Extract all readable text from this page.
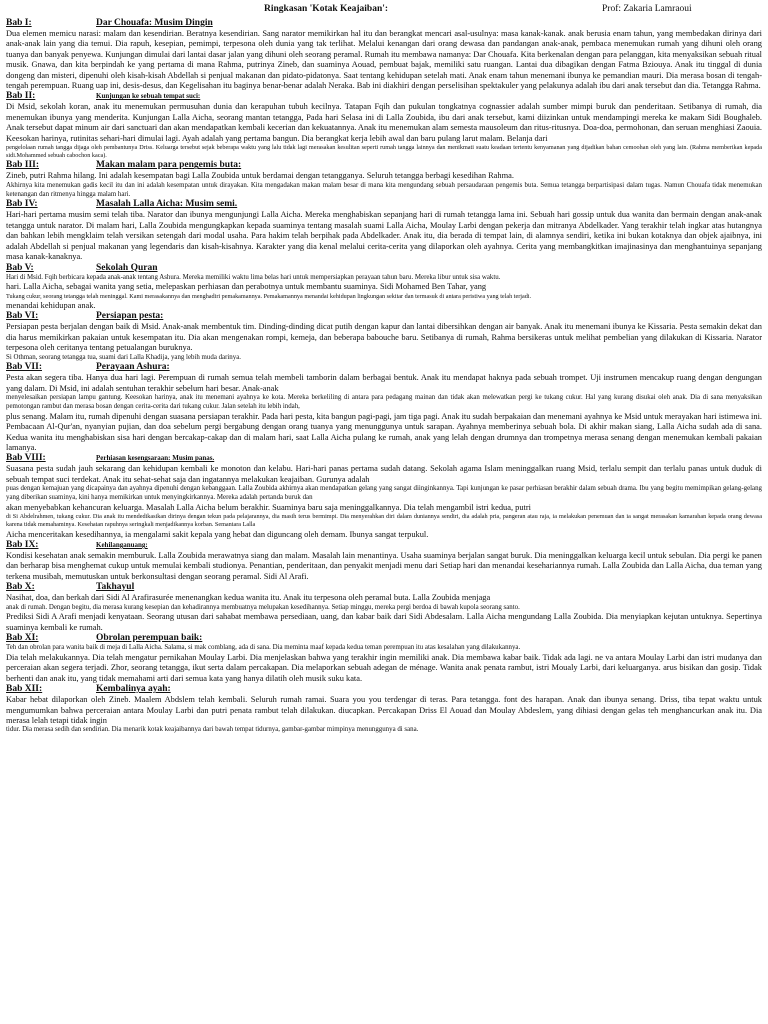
Ringkasan 'Kotak Keajaiban':	Prof: Zakaria Lamraoui
Bab I:	Dar Chouafa: Musim Dingin

Dua elemen memicu narasi: malam dan kesendirian. Beratnya kesendirian. Sang narator memikirkan hal itu dan berangkat mencari asal-usulnya: masa kanak-kanak. anak berusia enam tahun, yang membedakan dirinya dari anak-anak lain yang dia temui. Dia rapuh, kesepian, pemimpi, terpesona oleh dunia yang tak terlihat. Melalui kenangan dari orang dewasa dan pandangan anak-anak, pembaca menemukan rumah yang dihuni oleh orang tuanya dan banyak penyewa. Kunjungan dimulai dari lantai dasar jalan yang dihuni oleh seorang peramal. Rumah itu membawa namanya: Dar Chouafa. Kita berkenalan dengan para pelanggan, kita menyaksikan sebuah ritual musik. Gnawa, dan kita berpindah ke yang pertama di mana Rahma, putrinya Zineb, dan suaminya Aouad, pembuat bajak, memiliki satu ruangan. Lantai dua dibagikan dengan Fatma Bziouya. Anak itu tinggal di dunia dongeng dan misteri, dipenuhi oleh kisah-kisah Abdellah si penjual makanan dan pidato-pidatonya. Saat tentang kehidupan setelah mati. Anak enam tahun menemani ibunya ke pemandian mauri. Dia merasa bosan di tengah-tengah perempuan. Ruang uap ini, desis-desus, dan Kegelisahan itu baginya benar-benar adalah Neraka. Bab ini diakhiri dengan perselisihan spektakuler yang pelakunya adalah ibu dari anak tersebut dan dia. Tetangga Rahma.

Bab II:	Kunjungan ke sebuah tempat suci:

Di Msid, sekolah koran, anak itu menemukan permusuhan dunia dan kerapuhan tubuh kecilnya. Tatapan Fqih dan pukulan tongkatnya cognassier adalah sumber mimpi buruk dan penderitaan. Setibanya di rumah, dia menemukan ibunya yang menderita. Kunjungan Lalla Aicha, seorang mantan tetangga, Pada hari Selasa ini di Lalla Zoubida, ibu dari anak tersebut, kami diizinkan untuk mendampingi mereka ke makam Sidi Boughaleb. Anak tersebut dapat minum air dari sanctuari dan akan mendapatkan kembali kecerian dan kekuatannya. Anak itu menemukan alam semesta mausoleum dan ritus-ritusnya. Doa-doa, permohonan, dan seruan menghiasi Zaouia. Keesokan harinya, rutinitas sehari-hari dimulai lagi. Ayah adalah yang pertama bangun. Dia berangkat kerja lebih awal dan baru pulang larut malam. Belanja dari

pengelolaan rumah tangga dijaga oleh pembantunya Driss. Keluarga tersebut sejak beberapa waktu yang lalu tidak lagi merasakan kesulitan seperti rumah tangga lainnya dan menikmati suatu keadaan tertentu kenyamanan yang dijadikan bahan cemoohan oleh yang lain. (Rahma memberikan kepada sidi.Mohammed sebuah cabochon kaca).

Bab III:	Makan malam para pengemis buta:

Zineb, putri Rahma hilang. Ini adalah kesempatan bagi Lalla Zoubida untuk berdamai dengan tetangganya. Seluruh tetangga berbagi kesedihan Rahma.

Akhirnya kita menemukan gadis kecil itu dan ini adalah kesempatan untuk dirayakan. Kita mengadakan makan malam besar di mana kita mengundang sebuah persaudaraan pengemis buta. Semua tetangga berpartisipasi dalam tugas. Namun Chouafa tidak menemukan ketenangan dan ritmenya hingga malam hari.

Bab IV:	Masalah Lalla Aicha: Musim semi.

Hari-hari pertama musim semi telah tiba. Narator dan ibunya mengunjungi Lalla Aicha. Mereka menghabiskan sepanjang hari di rumah tetangga lama ini. Sebuah hari gossip untuk dua wanita dan bermain dengan anak-anak tetangga untuk narator. Di malam hari, Lalla Zoubida mengungkapkan kepada suaminya tentang masalah suami Lalla Aicha, Moulay Larbi dengan pekerja dan mitranya Abdelkader. Yang terakhir telah ingkar atas hutangnya dan bahkan lebih mengklaim telah versikan setengah dari modal usaha. Para hakim telah berpihak pada Abdelkader. Anak itu, dia berada di tempat lain, di alamnya sendiri, ketika ini bukan kotaknya dan objek ajaibnya, ini adalah Abdellah si penjual makanan yang legendaris dan kisah-kisahnya. Karakter yang dia kenal melalui cerita-cerita yang dilaporkan oleh ayahnya. Cerita yang membangkitkan imajinasinya dan menghantuinya sepanjang masa kanak-kanaknya.

Bab V:	Sekolah Quran

Hari di Msid. Fqih berbicara kepada anak-anak tentang Ashura. Mereka memiliki waktu lima belas hari untuk mempersiapkan perayaan tahun baru. Mereka libur untuk sisa waktu.

hari. Lalla Aicha, sebagai wanita yang setia, melepaskan perhiasan dan perabotnya untuk membantu suaminya. Sidi Mohamed Ben Tahar, yang

Tukang cukur, seorang tetangga telah meninggal. Kami merasakannya dan menghadiri pemakamannya. Pemakamannya menandai kehidupan lingkungan sekitar dan termasuk di antara peristiwa yang telah terjadi.

menandai kehidupan anak.

Bab VI:	Persiapan pesta:

Persiapan pesta berjalan dengan baik di Msid. Anak-anak membentuk tim. Dinding-dinding dicat putih dengan kapur dan lantai dibersihkan dengan air banyak. Anak itu menemani ibunya ke Kissaria. Pesta semakin dekat dan dia harus memikirkan pakaian untuk kesempatan itu. Dia akan mengenakan rompi, kemeja, dan beberapa babouche baru. Setibanya di rumah, Rahma bersikeras untuk melihat pembelian yang dilakukan di Kissaria. Narator terpesona oleh ceritanya tentang petualangan buruknya.

Si Othman, seorang tetangga tua, suami dari Lalla Khadija, yang lebih muda darinya.

Bab VII:	Perayaan Ashura:

Pesta akan segera tiba. Hanya dua hari lagi. Perempuan di rumah semua telah membeli tamborin dalam berbagai bentuk. Anak itu mendapat haknya pada sebuah trompet. Uji instrumen mencakup ruang dengan dengungan yang dalam. Di Msid, ini adalah sentuhan terakhir sebelum hari besar. Anak-anak

menyelesaikan persiapan lampu gantung. Keesokan harinya, anak itu menemani ayahnya ke kota. Mereka berkeliling di antara para pedagang mainan dan tidak akan melewatkan pergi ke tukang cukur. Hal yang kurang disukai oleh anak. Dia di sana menyaksikan pemotongan rambut dan merasa bosan dengan cerita-cerita dari tukang cukur. Jalan setelah itu lebih indah,

plus senang. Malam itu, rumah dipenuhi dengan suasana persiapan terakhir. Pada hari pesta, kita bangun pagi-pagi, jam tiga pagi. Anak itu sudah berpakaian dan menemani ayahnya ke Msid untuk merayakan hari istimewa ini. Pembacaan Al-Qur'an, nyanyian pujian, dan doa sebelum pergi bergabung dengan orang tuanya yang menunggunya untuk sarapan. Ayahnya memberinya sebuah bola. Di akhir makan siang, Lalla Aicha sudah ada di sana. Kedua wanita itu menghabiskan sisa hari dengan bercakap-cakap dan di malam hari, saat Lalla Aicha pulang ke rumah, anak yang lelah dengan drumnya dan trompetnya merasa senang dengan menemukan kembali pakaian lamanya.

Bab VIII:	Perhiasan kesengsaraan: Musim panas.

Suasana pesta sudah jauh sekarang dan kehidupan kembali ke monoton dan kelabu. Hari-hari panas pertama sudah datang. Sekolah agama Islam meninggalkan ruang Msid, terlalu sempit dan terlalu panas untuk duduk di sebuah tempat suci terdekat. Anak itu sehat-sehat saja dan ingatannya melakukan keajaiban. Gurunya adalah

puas dengan kemajuan yang dicapainya dan ayahnya dipenuhi dengan kebanggaan. Lalla Zoubida akhirnya akan mendapatkan gelang yang sangat diinginkannya. Tapi kunjungan ke pasar perhiasan berakhir dalam sebuah drama. Ibu yang begitu memimpikan gelang-gelang yang diberikan suaminya, kini hanya memikirkan untuk menyingkirkannya. Mereka adalah pertanda buruk dan

akan menyebabkan kehancuran keluarga. Masalah Lalla Aicha belum berakhir. Suaminya baru saja meninggalkannya. Dia telah mengambil istri kedua, putri

di Si Abdelrahmen, tukang cukur. Dia anak itu mendedikasikan dirinya dengan tekun pada pelajarannya, dia masih terus bermimpi. Dia menyerahkan diri dalam duniannya sendiri, dia adalah pria, pangeran atau raja, ia melakukan penemuan dan ia sangat merasakan kamarahan kepada orang dewasa karena tidak memahaminya. Kesehatan rapuhnya seringkali menjadikannya korban. Semantara Lalla

Aicha menceritakan kesedihannya, ia mengalami sakit kepala yang hebat dan diguncang oleh demam. Ibunya sangat terpukul.

Bab IX:	Kehilanganuang:

Kondisi kesehatan anak semakin memburuk. Lalla Zoubida merawatnya siang dan malam. Masalah lain menantinya. Usaha suaminya berjalan sangat buruk. Dia meninggalkan keluarga kecil untuk sebulan. Dia pergi ke panen dan berharap bisa menghemat cukup untuk memulai kembali studionya. Penantian, penderitaan, dan penyakit menjadi menu dari Setiap hari dan menandai kesehariannya rumah. Lalla Zoubida dan Lalla Aicha, dua teman yang terkena musibah, memutuskan untuk berkonsultasi dengan seorang peramal. Sidi Al Arafi.

Bab X:	Takhayul

Nasihat, doa, dan berkah dari Sidi Al Arafirasurée menenangkan kedua wanita itu. Anak itu terpesona oleh peramal buta. Lalla Zoubida menjaga

anak di rumah. Dengan begitu, dia merasa kurang kesepian dan kehadirannya membuatnya melupakan kesedihannya. Setiap minggu, mereka pergi berdoa di bawah kupola seorang santo.

Prediksi Sidi A Arafi menjadi kenyataan. Seorang utusan dari sahabat membawa persediaan, uang, dan kabar baik dari Sidi Abdesalam. Lalla Aicha mengundang Lalla Zoubida. Dia menyiapkan kejutan untuknya. Sepertinya suaminya kembali ke rumah.

Bab XI:	Obrolan perempuan baik:

Teh dan obrolan para wanita baik di meja di Lalla Aicha. Salama, si mak comblang, ada di sana. Dia meminta maaf kepada kedua teman perempuan itu atas kesalahan yang dilakukannya.

Dia telah melakukannya. Dia telah mengatur pernikahan Moulay Larbi. Dia menjelaskan bahwa yang terakhir ingin memiliki anak. Dia membawa kabar baik. Tidak ada lagi. ne va antara Moulay Larbi dan istri mudanya dan perceraian akan segera terjadi. Zhor, seorang tetangga, ikut serta dalam percakapan. Dia melaporkan sebuah adegan de ménage. Wanita anak penata rambut, istri Moualy Larbi, dari keluarganya. arus bisikan dan gosip. Tidak berhenti dan anak itu, yang tidak memahami arti dari semua kata yang hanya dilatih oleh musik suku kata.

Bab XII:	Kembalinya ayah:

Kabar hebat dilaporkan oleh Zineb. Maalem Abdslem telah kembali. Seluruh rumah ramai. Suara you you terdengar di teras. Para tetangga. font des harapan. Anak dan ibunya senang. Driss, tiba tepat waktu untuk mengumumkan bahwa perceraian antara Moulay Larbi dan putri penata rambut telah dilakukan. diucapkan. Percakapan Driss El Aouad dan Moulay Abdeslem, yang dihiasi dengan gelas teh menghancurkan anak itu. Dia merasa lelah tetapi tidak ingin

tidur. Dia merasa sedih dan sendirian. Dia menarik kotak keajaibannya dari bawah tempat tidurnya, gambar-gambar mimpinya menunggunya di sana.
